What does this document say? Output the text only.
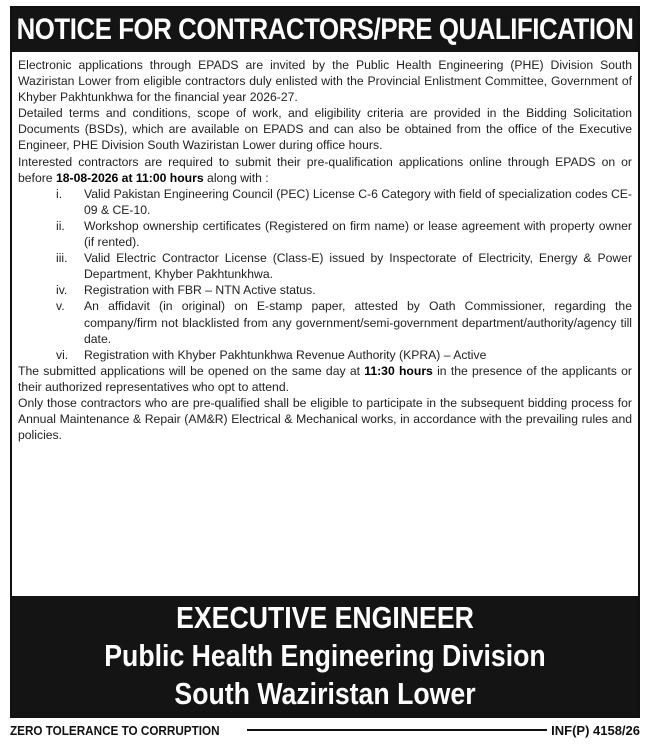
NOTICE FOR CONTRACTORS/PRE QUALIFICATION

Electronic applications through EPADS are invited by the Public Health Engineering (PHE) Division South Waziristan Lower from eligible contractors duly enlisted with the Provincial Enlistment Committee, Government of Khyber Pakhtunkhwa for the financial year 2026-27.

Detailed terms and conditions, scope of work, and eligibility criteria are provided in the Bidding Solicitation Documents (BSDs), which are available on EPADS and can also be obtained from the office of the Executive Engineer, PHE Division South Waziristan Lower during office hours.

Interested contractors are required to submit their pre-qualification applications online through EPADS on or before 18-08-2026 at 11:00 hours along with :

i.	Valid Pakistan Engineering Council (PEC) License C-6 Category with field of specialization codes CE-09 & CE-10.
ii.	Workshop ownership certificates (Registered on firm name) or lease agreement with property owner (if rented).
iii.	Valid Electric Contractor License (Class-E) issued by Inspectorate of Electricity, Energy & Power Department, Khyber Pakhtunkhwa.
iv.	Registration with FBR – NTN Active status.
v.	An affidavit (in original) on E-stamp paper, attested by Oath Commissioner, regarding the company/firm not blacklisted from any government/semi-government department/authority/agency till date.
vi.	Registration with Khyber Pakhtunkhwa Revenue Authority (KPRA) – Active

The submitted applications will be opened on the same day at 11:30 hours in the presence of the applicants or their authorized representatives who opt to attend.

Only those contractors who are pre-qualified shall be eligible to participate in the subsequent bidding process for Annual Maintenance & Repair (AM&R) Electrical & Mechanical works, in accordance with the prevailing rules and policies.

EXECUTIVE ENGINEER
Public Health Engineering Division
South Waziristan Lower
ZERO TOLERANCE TO CORRUPTION	INF(P) 4158/26
